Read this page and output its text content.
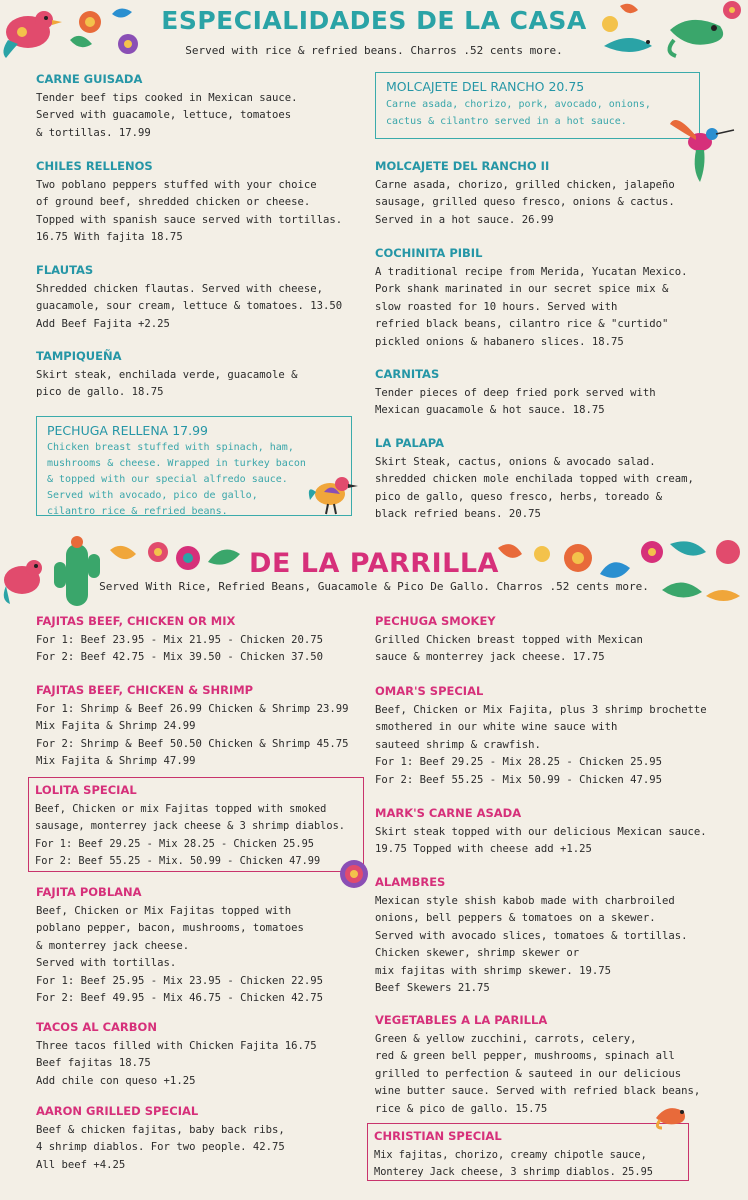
ESPECIALIDADES DE LA CASA
Served with rice & refried beans. Charros .52 cents more.
CARNE GUISADA
Tender beef tips cooked in Mexican sauce.
Served with guacamole, lettuce, tomatoes
& tortillas. 17.99
CHILES RELLENOS
Two poblano peppers stuffed with your choice
of ground beef, shredded chicken or cheese.
Topped with spanish sauce served with tortillas.
16.75 With fajita 18.75
FLAUTAS
Shredded chicken flautas. Served with cheese,
guacamole, sour cream, lettuce & tomatoes. 13.50
Add Beef Fajita +2.25
TAMPIQUEÑA
Skirt steak, enchilada verde, guacamole &
pico de gallo. 18.75
PECHUGA RELLENA 17.99
Chicken breast stuffed with spinach, ham,
mushrooms & cheese. Wrapped in turkey bacon
& topped with our special alfredo sauce.
Served with avocado, pico de gallo,
cilantro rice & refried beans.
MOLCAJETE DEL RANCHO 20.75
Carne asada, chorizo, pork, avocado, onions,
cactus & cilantro served in a hot sauce.
MOLCAJETE DEL RANCHO II
Carne asada, chorizo, grilled chicken, jalapeño
sausage, grilled queso fresco, onions & cactus.
Served in a hot sauce. 26.99
COCHINITA PIBIL
A traditional recipe from Merida, Yucatan Mexico.
Pork shank marinated in our secret spice mix &
slow roasted for 10 hours. Served with
refried black beans, cilantro rice & "curtido"
pickled onions & habanero slices. 18.75
CARNITAS
Tender pieces of deep fried pork served with
Mexican guacamole & hot sauce. 18.75
LA PALAPA
Skirt Steak, cactus, onions & avocado salad.
shredded chicken mole enchilada topped with cream,
pico de gallo, queso fresco, herbs, toreado &
black refried beans. 20.75
DE LA PARRILLA
Served With Rice, Refried Beans, Guacamole & Pico De Gallo. Charros .52 cents more.
FAJITAS BEEF, CHICKEN OR MIX
For 1: Beef 23.95 - Mix 21.95 - Chicken 20.75
For 2: Beef 42.75 - Mix 39.50 - Chicken 37.50
FAJITAS BEEF, CHICKEN & SHRIMP
For 1: Shrimp & Beef 26.99 Chicken & Shrimp 23.99
Mix Fajita & Shrimp 24.99
For 2: Shrimp & Beef 50.50 Chicken & Shrimp 45.75
Mix Fajita & Shrimp 47.99
LOLITA SPECIAL
Beef, Chicken or mix Fajitas topped with smoked
sausage, monterrey jack cheese & 3 shrimp diablos.
For 1: Beef 29.25 - Mix 28.25 - Chicken 25.95
For 2: Beef 55.25 - Mix. 50.99 - Chicken 47.99
FAJITA POBLANA
Beef, Chicken or Mix Fajitas topped with
poblano pepper, bacon, mushrooms, tomatoes
& monterrey jack cheese.
Served with tortillas.
For 1: Beef 25.95 - Mix 23.95 - Chicken 22.95
For 2: Beef 49.95 - Mix 46.75 - Chicken 42.75
TACOS AL CARBON
Three tacos filled with Chicken Fajita 16.75
Beef fajitas 18.75
Add chile con queso +1.25
AARON GRILLED SPECIAL
Beef & chicken fajitas, baby back ribs,
4 shrimp diablos. For two people. 42.75
All beef +4.25
PECHUGA SMOKEY
Grilled Chicken breast topped with Mexican
sauce & monterrey jack cheese. 17.75
OMAR'S SPECIAL
Beef, Chicken or Mix Fajita, plus 3 shrimp brochette
smothered in our white wine sauce with
sauteed shrimp & crawfish.
For 1: Beef 29.25 - Mix 28.25 - Chicken 25.95
For 2: Beef 55.25 - Mix 50.99 - Chicken 47.95
MARK'S CARNE ASADA
Skirt steak topped with our delicious Mexican sauce.
19.75 Topped with cheese add +1.25
ALAMBRES
Mexican style shish kabob made with charbroiled
onions, bell peppers & tomatoes on a skewer.
Served with avocado slices, tomatoes & tortillas.
Chicken skewer, shrimp skewer or
mix fajitas with shrimp skewer. 19.75
Beef Skewers 21.75
VEGETABLES A LA PARILLA
Green & yellow zucchini, carrots, celery,
red & green bell pepper, mushrooms, spinach all
grilled to perfection & sauteed in our delicious
wine butter sauce. Served with refried black beans,
rice & pico de gallo. 15.75
CHRISTIAN SPECIAL
Mix fajitas, chorizo, creamy chipotle sauce,
Monterey Jack cheese, 3 shrimp diablos. 25.95
